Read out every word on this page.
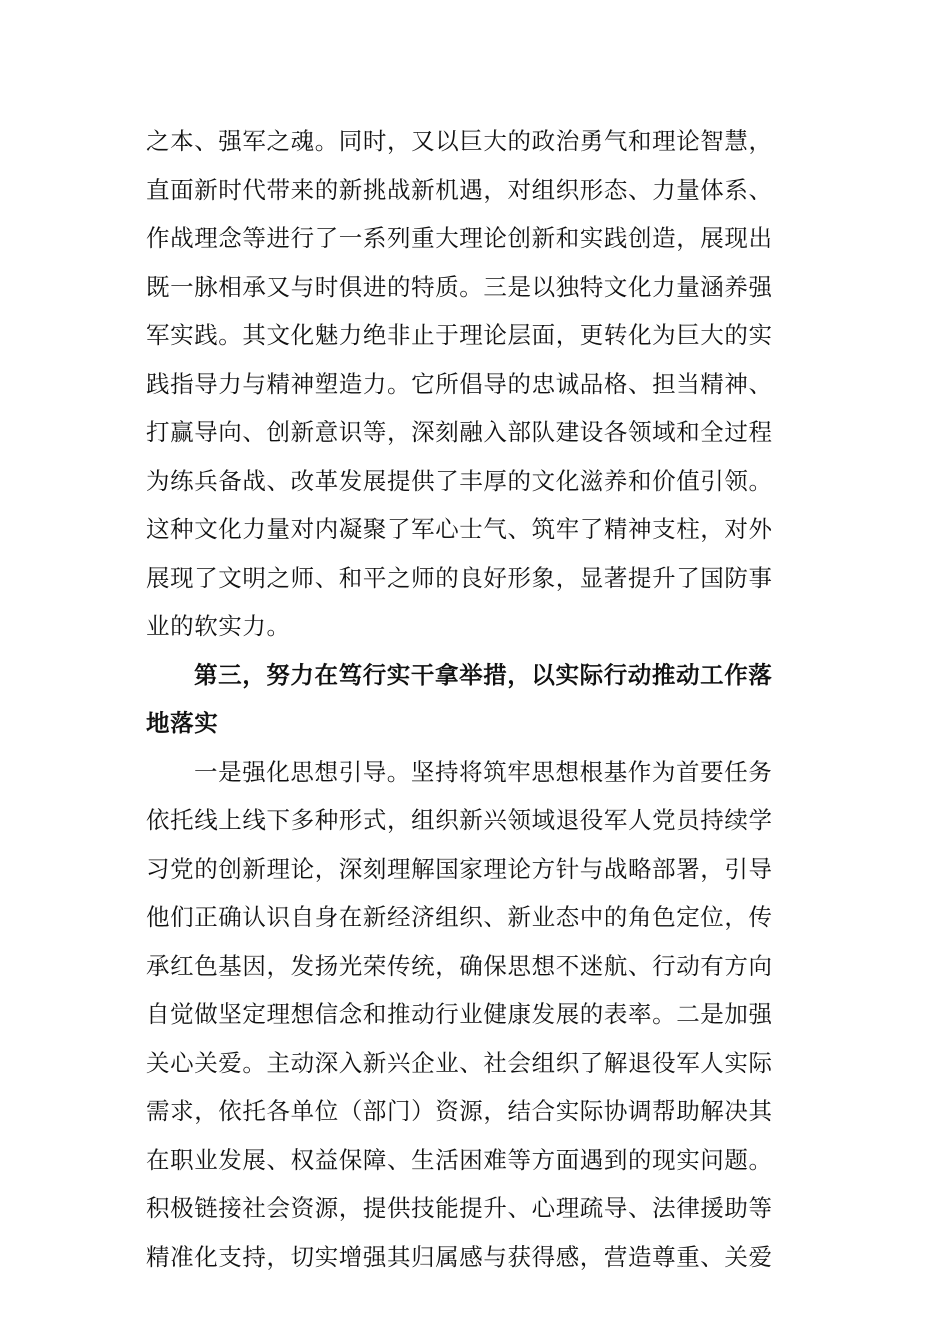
之本、强军之魂。同时，又以巨大的政治勇气和理论智慧，
直面新时代带来的新挑战新机遇，对组织形态、力量体系、
作战理念等进行了一系列重大理论创新和实践创造，展现出
既一脉相承又与时俱进的特质。三是以独特文化力量涵养强
军实践。其文化魅力绝非止于理论层面，更转化为巨大的实
践指导力与精神塑造力。它所倡导的忠诚品格、担当精神、
打赢导向、创新意识等，深刻融入部队建设各领域和全过程
为练兵备战、改革发展提供了丰厚的文化滋养和价值引领。
这种文化力量对内凝聚了军心士气、筑牢了精神支柱，对外
展现了文明之师、和平之师的良好形象，显著提升了国防事
业的软实力。
第三，努力在笃行实干拿举措，以实际行动推动工作落
地落实
一是强化思想引导。坚持将筑牢思想根基作为首要任务
依托线上线下多种形式，组织新兴领域退役军人党员持续学
习党的创新理论，深刻理解国家理论方针与战略部署，引导
他们正确认识自身在新经济组织、新业态中的角色定位，传
承红色基因，发扬光荣传统，确保思想不迷航、行动有方向
自觉做坚定理想信念和推动行业健康发展的表率。二是加强
关心关爱。主动深入新兴企业、社会组织了解退役军人实际
需求，依托各单位（部门）资源，结合实际协调帮助解决其
在职业发展、权益保障、生活困难等方面遇到的现实问题。
积极链接社会资源，提供技能提升、心理疏导、法律援助等
精准化支持，切实增强其归属感与获得感，营造尊重、关爱
